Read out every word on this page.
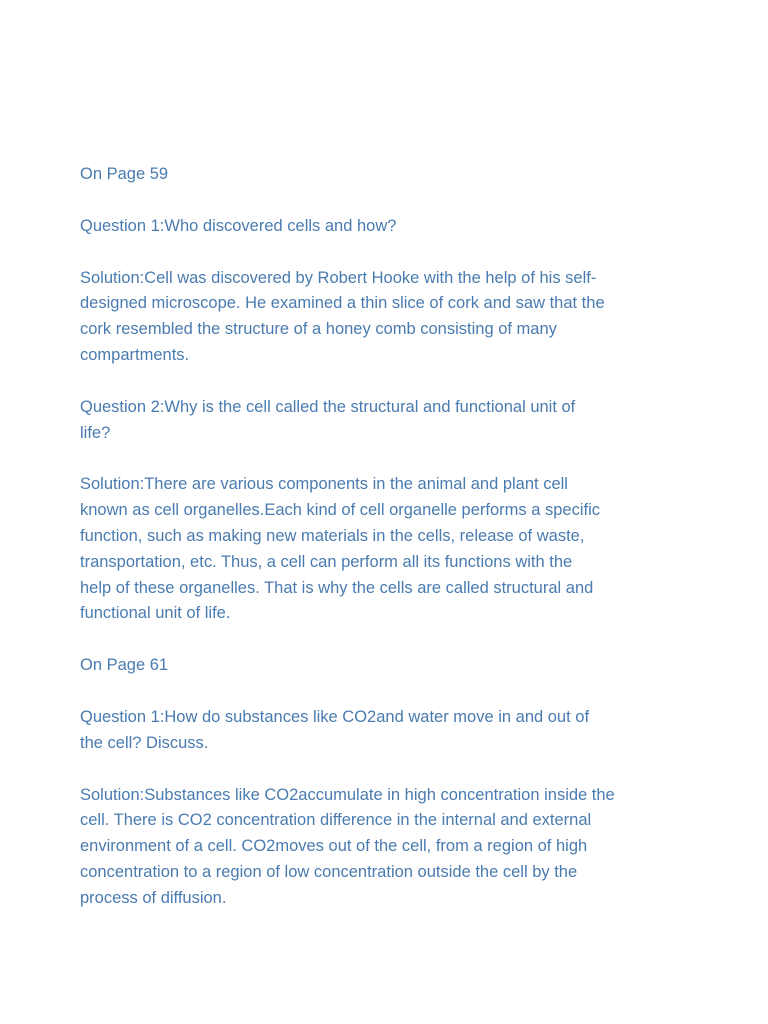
On Page 59

Question 1:Who discovered cells and how?

Solution:Cell was discovered by Robert Hooke with the help of his self-
designed microscope. He examined a thin slice of cork and saw that the
cork resembled the structure of a honey comb consisting of many
compartments.

Question 2:Why is the cell called the structural and functional unit of
life?

Solution:There are various components in the animal and plant cell
known as cell organelles.Each kind of cell organelle performs a specific
function, such as making new materials in the cells, release of waste,
transportation, etc. Thus, a cell can perform all its functions with the
help of these organelles. That is why the cells are called structural and
functional unit of life.

On Page 61

Question 1:How do substances like CO2and water move in and out of
the cell? Discuss.

Solution:Substances like CO2accumulate in high concentration inside the
cell. There is CO2 concentration difference in the internal and external
environment of a cell. CO2moves out of the cell, from a region of high
concentration to a region of low concentration outside the cell by the
process of diffusion.
